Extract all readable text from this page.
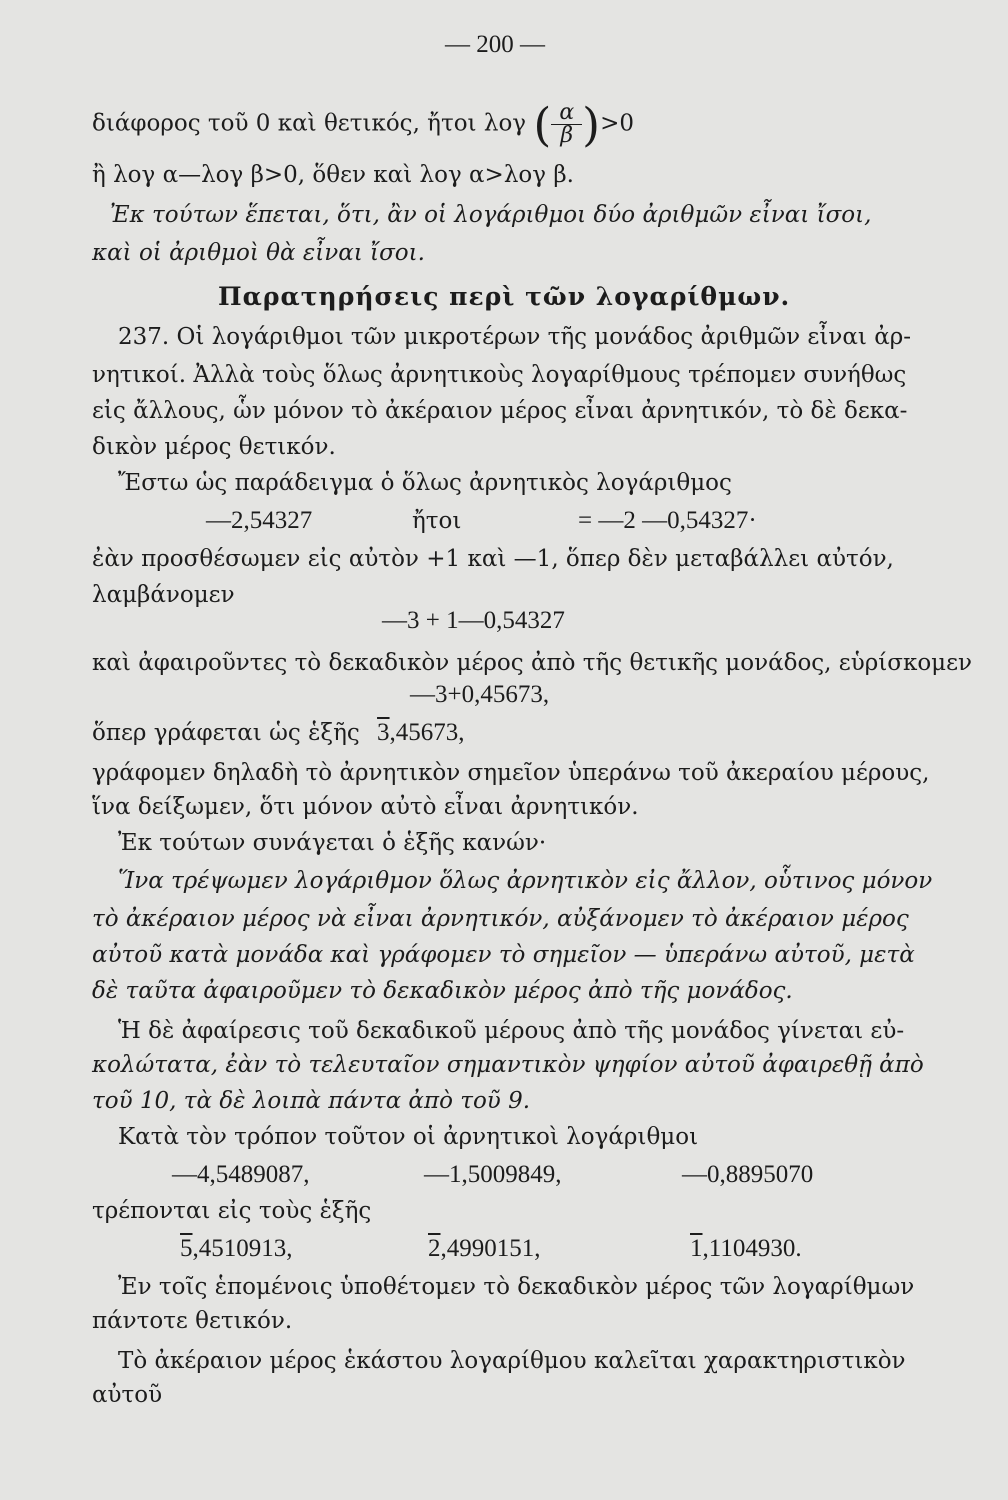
— 200 —
διάφορος τοῦ 0 καὶ θετικός, ἤτοι λογ ( $\frac{\alpha}{\beta} )>0$
ἢ λογ α—λογ β>0, ὅθεν καὶ λογ α>λογ β.
Ἐκ τούτων ἕπεται, ὅτι, ἂν οἱ λογάριθμοι δύο ἀριθμῶν εἶναι ἴσοι,
καὶ οἱ ἀριθμοὶ θὰ εἶναι ἴσοι.
Παρατηρήσεις περὶ τῶν λογαρίθμων.
237. Οἱ λογάριθμοι τῶν μικροτέρων τῆς μονάδος ἀριθμῶν εἶναι ἀρ-
νητικοί. Ἀλλὰ τοὺς ὅλως ἀρνητικοὺς λογαρίθμους τρέπομεν συνήθως
εἰς ἄλλους, ὧν μόνον τὸ ἀκέραιον μέρος εἶναι ἀρνητικόν, τὸ δὲ δεκα-
δικὸν μέρος θετικόν.
Ἔστω ὡς παράδειγμα ὁ ὅλως ἀρνητικὸς λογάριθμος
—2,54327	ἤτοι	= —2 —0,54327·
ἐὰν προσθέσωμεν εἰς αὐτὸν +1 καὶ —1, ὅπερ δὲν μεταβάλλει αὐτόν,
λαμβάνομεν
—3 + 1—0,54327
καὶ ἀφαιροῦντες τὸ δεκαδικὸν μέρος ἀπὸ τῆς θετικῆς μονάδος, εὑρίσκομεν
—3+0,45673,
ὅπερ γράφεται ὡς ἑξῆς 3,45673,
γράφομεν δηλαδὴ τὸ ἀρνητικὸν σημεῖον ὑπεράνω τοῦ ἀκεραίου μέρους,
ἵνα δείξωμεν, ὅτι μόνον αὐτὸ εἶναι ἀρνητικόν.
Ἐκ τούτων συνάγεται ὁ ἑξῆς κανών·
Ἵνα τρέψωμεν λογάριθμον ὅλως ἀρνητικὸν εἰς ἄλλον, οὗτινος μόνον
τὸ ἀκέραιον μέρος νὰ εἶναι ἀρνητικόν, αὐξάνομεν τὸ ἀκέραιον μέρος
αὐτοῦ κατὰ μονάδα καὶ γράφομεν τὸ σημεῖον — ὑπεράνω αὐτοῦ, μετὰ
δὲ ταῦτα ἀφαιροῦμεν τὸ δεκαδικὸν μέρος ἀπὸ τῆς μονάδος.
Ἡ δὲ ἀφαίρεσις τοῦ δεκαδικοῦ μέρους ἀπὸ τῆς μονάδος γίνεται εὐ-
κολώτατα, ἐὰν τὸ τελευταῖον σημαντικὸν ψηφίον αὐτοῦ ἀφαιρεθῇ ἀπὸ
τοῦ 10, τὰ δὲ λοιπὰ πάντα ἀπὸ τοῦ 9.
Κατὰ τὸν τρόπον τοῦτον οἱ ἀρνητικοὶ λογάριθμοι
—4,5489087,	—1,5009849,	—0,8895070
τρέπονται εἰς τοὺς ἑξῆς
5,4510913,	2,4990151,	1,1104930.
Ἐν τοῖς ἑπομένοις ὑποθέτομεν τὸ δεκαδικὸν μέρος τῶν λογαρίθμων
πάντοτε θετικόν.
Τὸ ἀκέραιον μέρος ἑκάστου λογαρίθμου καλεῖται χαρακτηριστικὸν
αὐτοῦ
